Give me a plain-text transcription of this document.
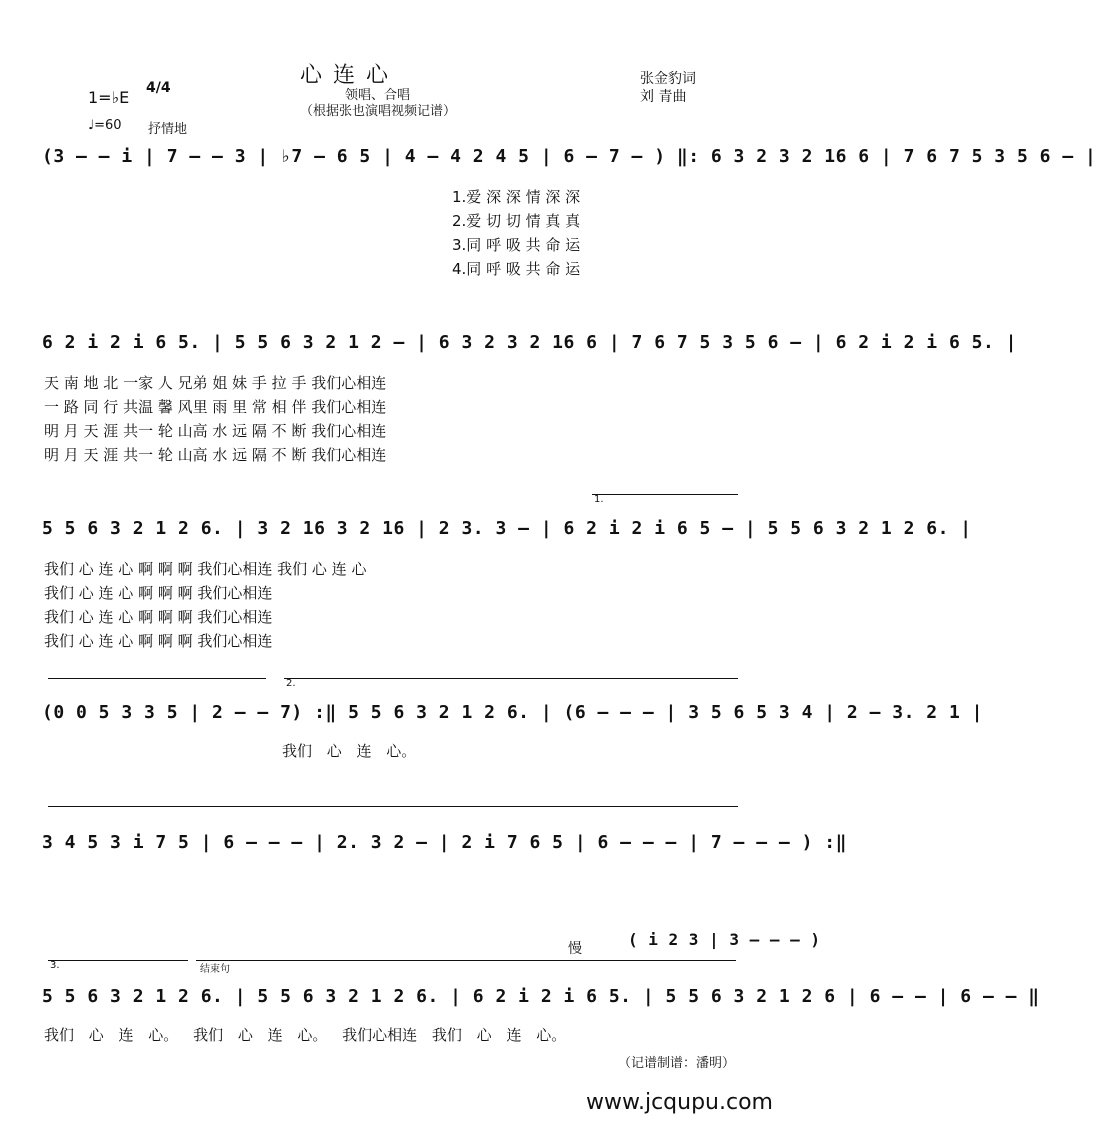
心 连 心
领唱、合唱
（根据张也演唱视频记谱）
张金豹词
刘 青曲
1=♭E 4/4
♩=60 抒情地
(3 – – i | 7 – – 3 | ♭7 – 6 5 | 4 – 4 2 4 5 | 6 – 7 – ) ‖: 6 3 2 3 2 16 6 | 7 6 7 5 3 5 6 – |
1.爱 深 深 情 深 深
2.爱 切 切 情 真 真
3.同 呼 吸 共 命 运
4.同 呼 吸 共 命 运
6 2 i 2 i 6 5. | 5 5 6 3 2 1 2 – | 6 3 2 3 2 16 6 | 7 6 7 5 3 5 6 – | 6 2 i 2 i 6 5. |
天 南 地 北 一家 人 兄弟 姐 妹 手 拉 手 我们心相连
一 路 同 行 共温 馨 风里 雨 里 常 相 伴 我们心相连
明 月 天 涯 共一 轮 山高 水 远 隔 不 断 我们心相连
明 月 天 涯 共一 轮 山高 水 远 隔 不 断 我们心相连
1.
5 5 6 3 2 1 2 6. | 3 2 16 3 2 16 | 2 3. 3 – | 6 2 i 2 i 6 5 – | 5 5 6 3 2 1 2 6. |
我们 心 连 心 啊 啊 啊 我们心相连 我们 心 连 心
我们 心 连 心 啊 啊 啊 我们心相连
我们 心 连 心 啊 啊 啊 我们心相连
我们 心 连 心 啊 啊 啊 我们心相连
2.
(0 0 5 3 3 5 | 2 – – 7) :‖ 5 5 6 3 2 1 2 6. | (6 – – – | 3 5 6 5 3 4 | 2 – 3. 2 1 |
我们 心 连 心。
3 4 5 3 i 7 5 | 6 – – – | 2. 3 2 – | 2 i 7 6 5 | 6 – – – | 7 – – – ) :‖
慢	( i 2 3 | 3 – – – )
3.	结束句
5 5 6 3 2 1 2 6. | 5 5 6 3 2 1 2 6. | 6 2 i 2 i 6 5. | 5 5 6 3 2 1 2 6 | 6 – – | 6 – – ‖
我们 心 连 心。 我们 心 连 心。 我们心相连 我们 心 连 心。
（记谱制谱：潘明）
www.jcqupu.com
